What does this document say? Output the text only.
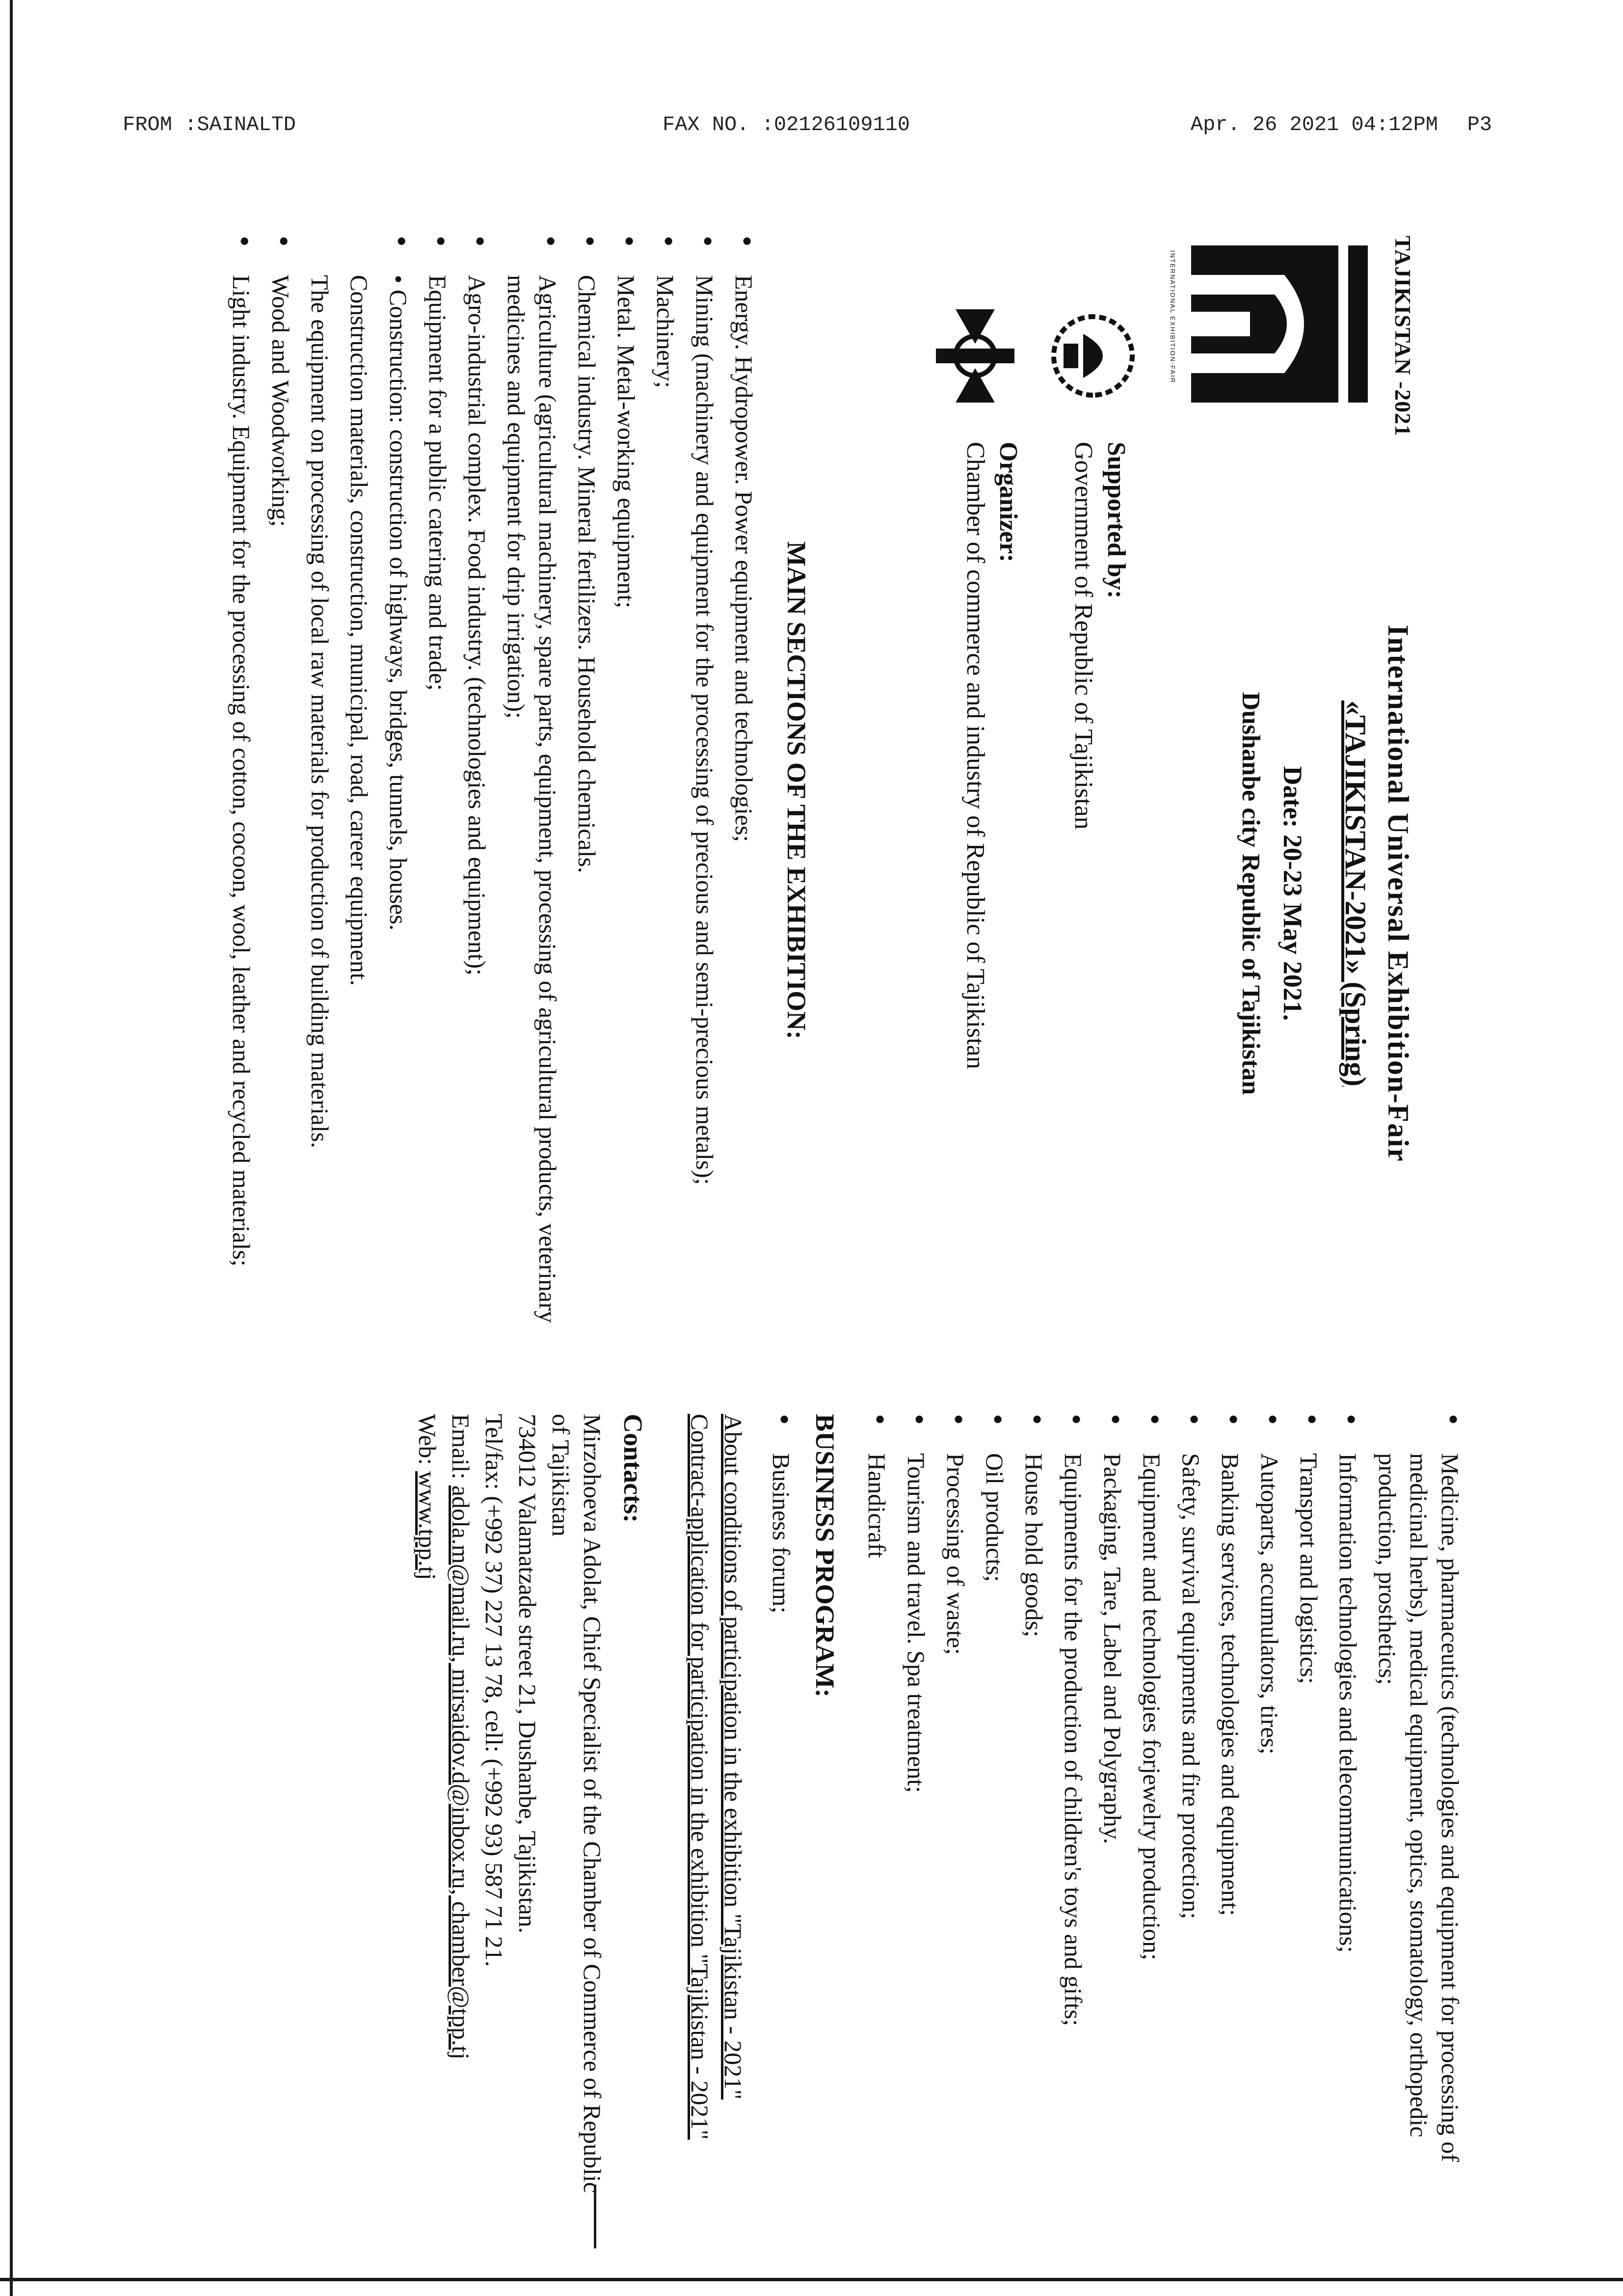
FROM :SAINALTD	FAX NO. :02126109110	Apr. 26 2021 04:12PM P3
TAJIKISTAN -2021
INTERNATIONAL EXHIBITION-FAIR
International Universal Exhibition-Fair
«TAJIKISTAN-2021» (Spring)
Date: 20-23 May 2021.
Dushanbe city Republic of Tajikistan
Supported by:
Government of Republic of Tajikistan
Organizer:
Chamber of commerce and industry of Republic of Tajikistan
MAIN SECTIONS OF THE EXHIBITION:
• Energy. Hydropower. Power equipment and technologies;
• Mining (machinery and equipment for the processing of precious and semi-precious metals);
• Machinery;
• Metal. Metal-working equipment;
• Chemical industry. Mineral fertilizers. Household chemicals.
• Agriculture (agricultural machinery, spare parts, equipment, processing of agricultural products, veterinary medicines and equipment for drip irrigation);
• Agro-industrial complex. Food industry. (technologies and equipment);
• Equipment for a public catering and trade;
• • Construction: construction of highways, bridges, tunnels, houses.
Construction materials, construction, municipal, road, career equipment.
The equipment on processing of local raw materials for production of building materials.
• Wood and Woodworking;
• Light industry. Equipment for the processing of cotton, cocoon, wool, leather and recycled materials;
• Medicine, pharmaceutics (technologies and equipment for processing of medicinal herbs), medical equipment, optics, stomatology, orthopedic production, prosthetics;
• Information technologies and telecommunications;
• Transport and logistics;
• Autoparts, accumulators, tires;
• Banking services, technologies and equipment;
• Safety, survival equipments and fire protection;
• Equipment and technologies forjewelry production;
• Packaging, Tare, Label and Polygraphy.
• Equipments for the production of children's toys and gifts;
• House hold goods;
• Oil products;
• Processing of waste;
• Tourism and travel. Spa treatment;
• Handicraft
BUSINESS PROGRAM:
• Business forum;
About conditions of participation in the exhibition "Tajikistan - 2021"
Contract-application for participation in the exhibition "Tajikistan - 2021"
Contacts:
Mirzohoeva Adolat, Chief Specialist of the Chamber of Commerce of Republic of Tajikistan
734012 Valamatzade street 21, Dushanbe, Tajikistan.
Tel/fax: (+992 37) 227 13 78, cell: (+992 93) 587 71 21.
Email: adola.m@mail.ru, mirsaidov.d@inbox.ru, chamber@tpp.tj
Web: www.tpp.tj
